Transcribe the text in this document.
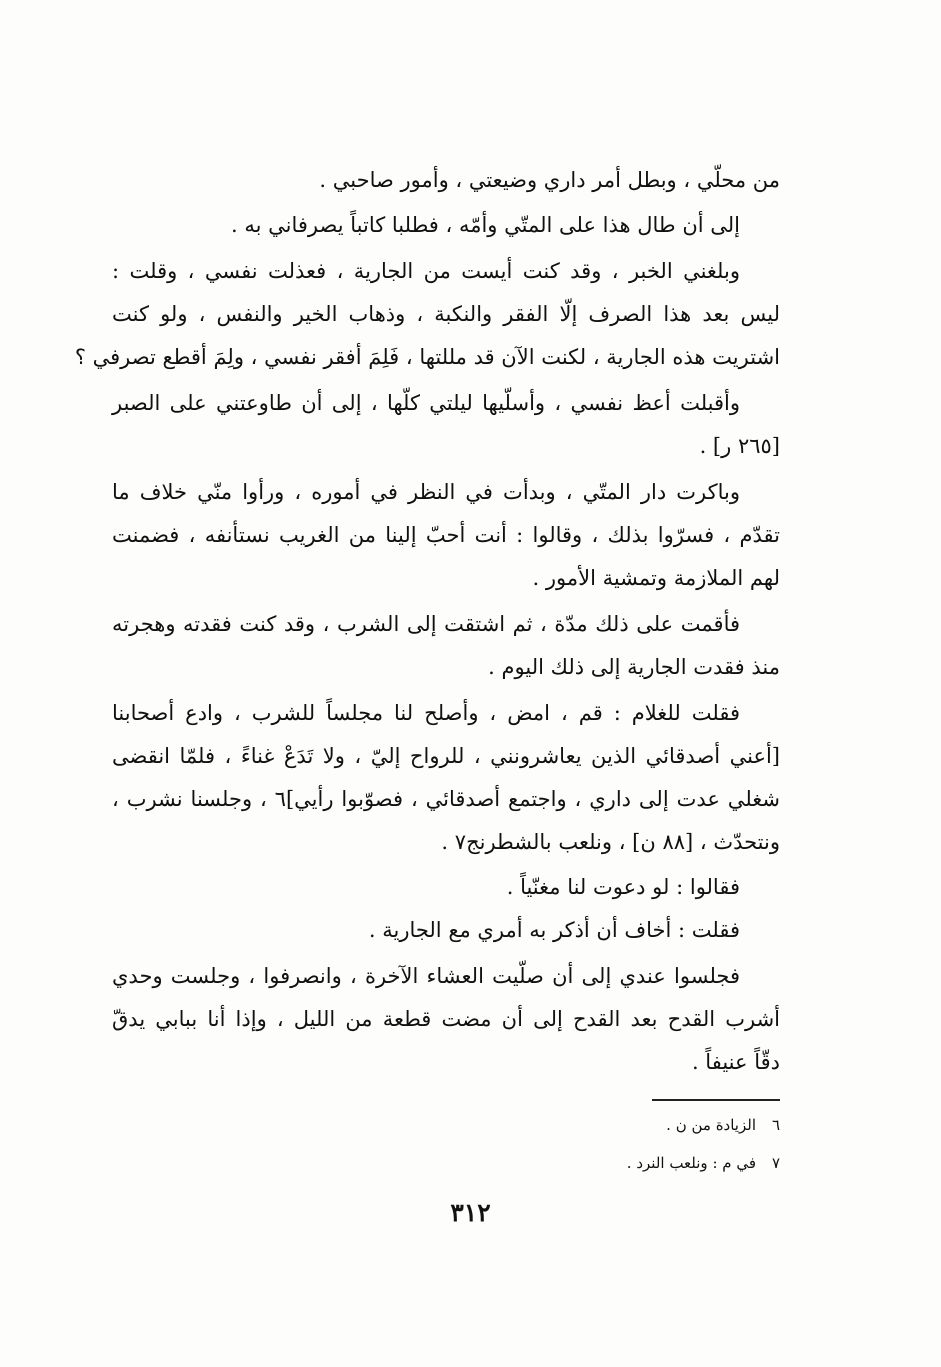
من محلّي ، وبطل أمر داري وضيعتي ، وأمور صاحبي .
إلى أن طال هذا على المتّي وأمّه ، فطلبا كاتباً يصرفاني به .
وبلغني الخبر ، وقد كنت أيست من الجارية ، فعذلت نفسي ، وقلت :
ليس بعد هذا الصرف إلّا الفقر والنكبة ، وذهاب الخير والنفس ، ولو كنت
اشتريت هذه الجارية ، لكنت الآن قد مللتها ، فَلِمَ أفقر نفسي ، ولِمَ أقطع تصرفي ؟
وأقبلت أعظ نفسي ، وأسلّيها ليلتي كلّها ، إلى أن طاوعتني على الصبر
[٢٦٥ ر] .
وباكرت دار المتّي ، وبدأت في النظر في أموره ، ورأوا منّي خلاف ما
تقدّم ، فسرّوا بذلك ، وقالوا : أنت أحبّ إلينا من الغريب نستأنفه ، فضمنت
لهم الملازمة وتمشية الأمور .
فأقمت على ذلك مدّة ، ثم اشتقت إلى الشرب ، وقد كنت فقدته وهجرته
منذ فقدت الجارية إلى ذلك اليوم .
فقلت للغلام : قم ، امض ، وأصلح لنا مجلساً للشرب ، وادع أصحابنا
[أعني أصدقائي الذين يعاشرونني ، للرواح إليّ ، ولا تَدَعْ غناءً ، فلمّا انقضى
شغلي عدت إلى داري ، واجتمع أصدقائي ، فصوّبوا رأيي]٦ ، وجلسنا نشرب ،
ونتحدّث ، [٨٨ ن] ، ونلعب بالشطرنج٧ .
فقالوا : لو دعوت لنا مغنّياً .
فقلت : أخاف أن أذكر به أمري مع الجارية .
فجلسوا عندي إلى أن صلّيت العشاء الآخرة ، وانصرفوا ، وجلست وحدي
أشرب القدح بعد القدح إلى أن مضت قطعة من الليل ، وإذا أنا ببابي يدقّ
دقّاً عنيفاً .
٦الزيادة من ن .
٧في م : ونلعب النرد .
٣١٢
